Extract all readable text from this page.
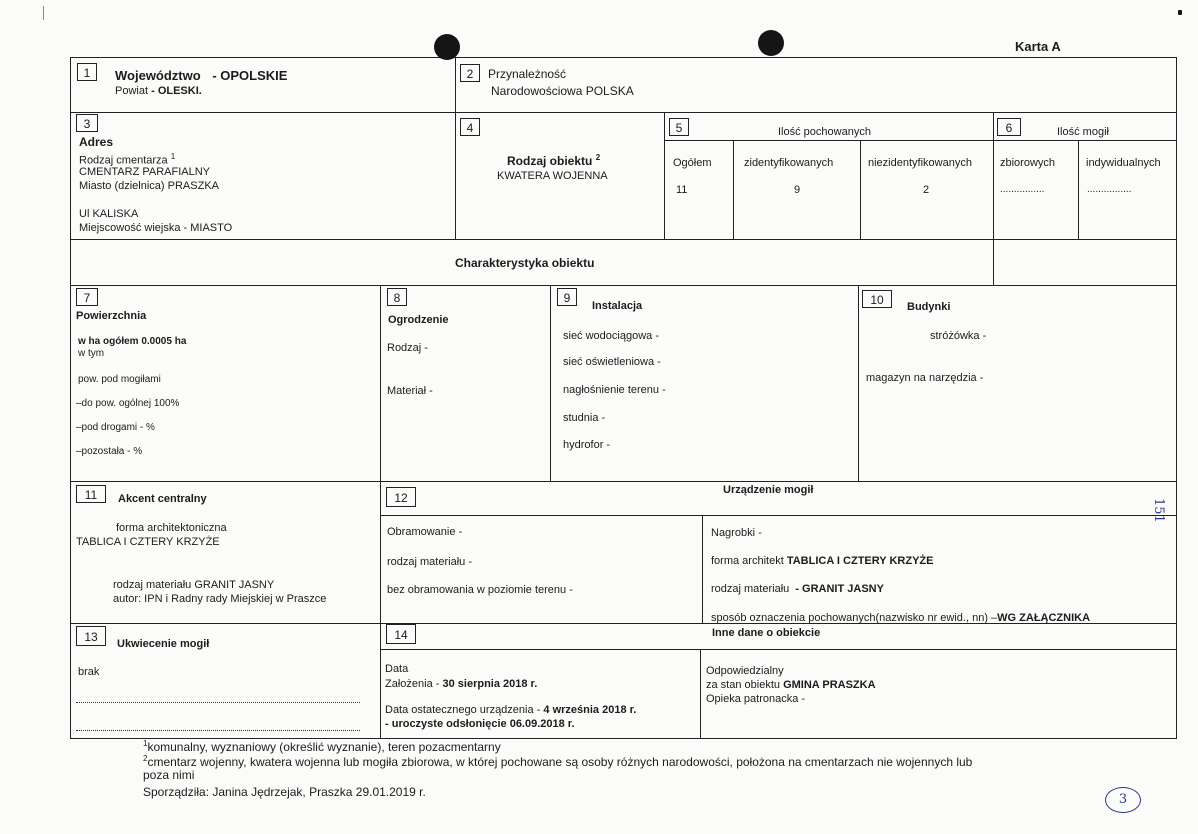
Karta A
1	Województwo - OPOLSKIE
Powiat - OLESKI.
2	Przynależność
Narodowościowa POLSKA
3
Adres
Rodzaj cmentarza $^1$
CMENTARZ PARAFIALNY
Miasto (dzielnica) PRASZKA
Ul KALISKA
Miejscowość wiejska - MIASTO
4
Rodzaj obiektu $^2$
KWATERA WOJENNA
5	Ilość pochowanych
Ogółem	zidentyfikowanych	niezidentyfikowanych
11	9	2
6	Ilość mogił
zbiorowych	indywidualnych
................	................
Charakterystyka obiektu
7
Powierzchnia
w ha ogółem 0.0005 ha
w tym
pow. pod mogiłami
–do pow. ogólnej 100%
–pod drogami - %
–pozostała - %
8
Ogrodzenie
Rodzaj -
Materiał -
9
Instalacja
sieć wodociągowa -
sieć oświetleniowa -
nagłośnienie terenu -
studnia -
hydrofor -
10	Budynki
stróżówka -
magazyn na narzędzia -
11	Akcent centralny
forma architektoniczna
TABLICA I CZTERY KRZYŻE
rodzaj materiału GRANIT JASNY
autor: IPN i Radny rady Miejskiej w Praszce
12
Urządzenie mogił
Obramowanie -
rodzaj materiału -
bez obramowania w poziomie terenu -
Nagrobki -
forma architekt TABLICA I CZTERY KRZYŻE
rodzaj materiału - GRANIT JASNY
sposób oznaczenia pochowanych(nazwisko nr ewid., nn) –WG ZAŁĄCZNIKA
13	Ukwiecenie mogił
brak
14	Inne dane o obiekcie
Data
Założenia - 30 sierpnia 2018 r.
Data ostatecznego urządzenia - 4 września 2018 r.
- uroczyste odsłonięcie 06.09.2018 r.
Odpowiedzialny
za stan obiektu GMINA PRASZKA
Opieka patronacka -
$^1$komunalny, wyznaniowy (określić wyznanie), teren pozacmentarny
$^2$cmentarz wojenny, kwatera wojenna lub mogiła zbiorowa, w której pochowane są osoby różnych narodowości, położona na cmentarzach nie wojennych lub
poza nimi
Sporządziła: Janina Jędrzejak, Praszka 29.01.2019 r.
151
3
